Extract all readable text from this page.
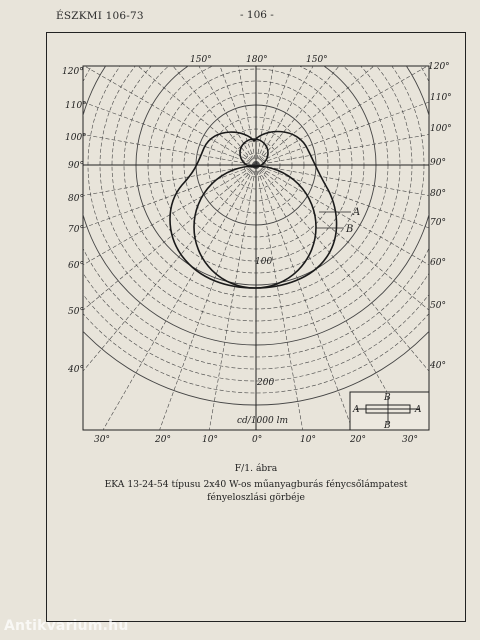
ÉSZKMI 106-73	- 106 -
150°	180°	150°
120°
110°
100°
90°
80°
70°
60°
50°
40°
120°
110°
100°
90°
80°
70°
60°
50°
40°
30°	20°	10°	0°	10°	20°	30°
100
200
cd/1000 lm
A
B
B
B
A	A
F/1. ábra
EKA 13-24-54 típusu 2x40 W-os műanyagburás fénycsőlámpatest
fényeloszlási görbéje
Antikvarium.hu
